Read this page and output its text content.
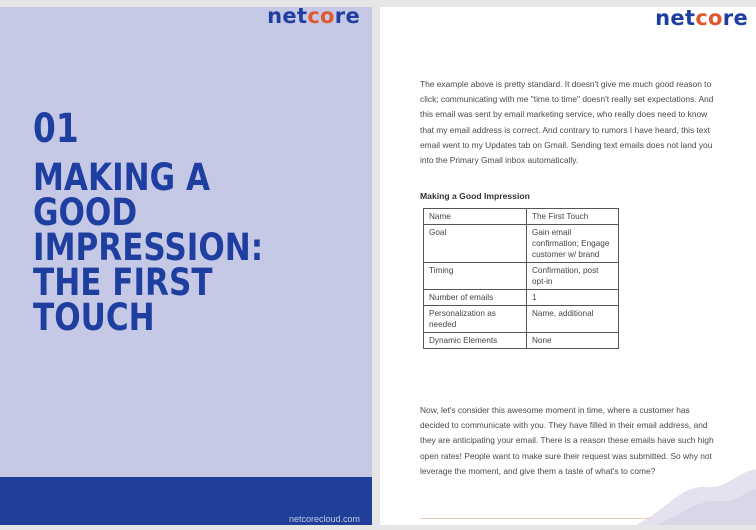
netcore
01
MAKING A
GOOD
IMPRESSION:
THE FIRST
TOUCH
netcorecloud.com
netcore
The example above is pretty standard. It doesn't give me much good reason to click; communicating with me "time to time" doesn't really set expectations. And this email was sent by email marketing service, who really does need to know that my email address is correct. And contrary to rumors I have heard, this text email went to my Updates tab on Gmail. Sending text emails does not land you into the Primary Gmail inbox automatically.
Making a Good Impression
Name	The First Touch
Goal	Gain email confirmation; Engage customer w/ brand
Timing	Confirmation, post opt-in
Number of emails	1
Personalization as needed	Name, additional
Dynamic Elements	None
Now, let's consider this awesome moment in time, where a customer has decided to communicate with you. They have filled in their email address, and they are anticipating your email. There is a reason these emails have such high open rates! People want to make sure their request was submitted. So why not leverage the moment, and give them a taste of what's to come?
